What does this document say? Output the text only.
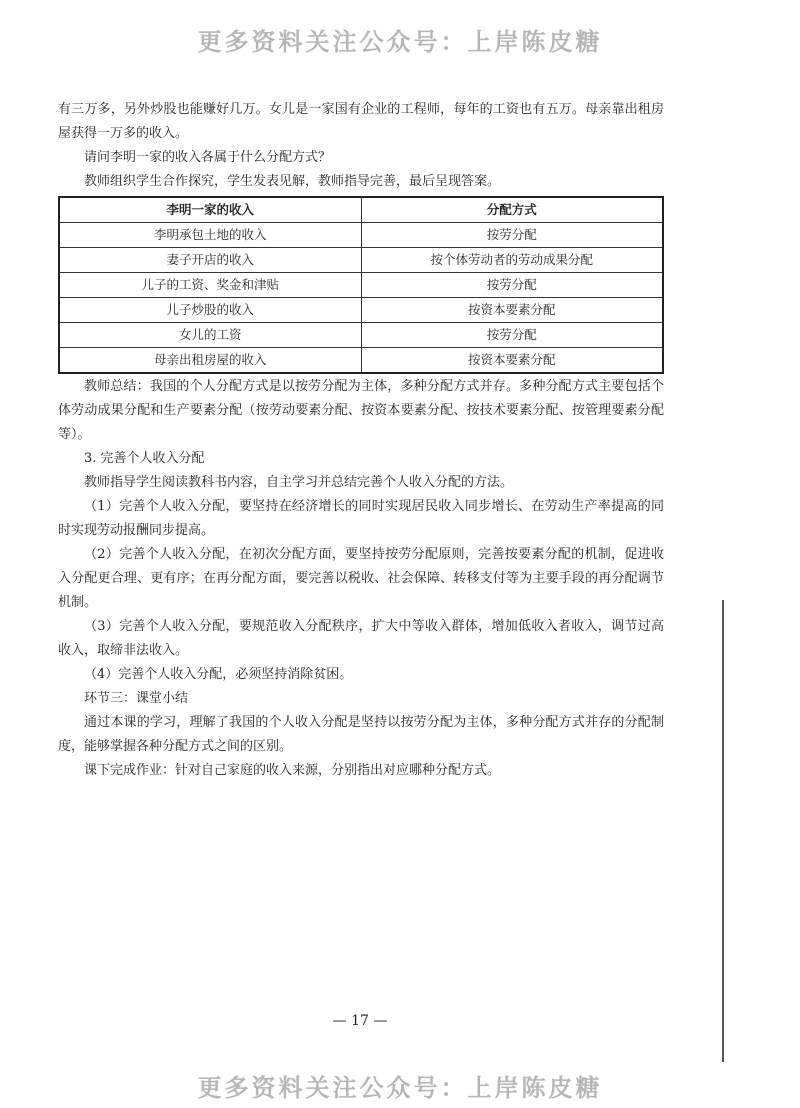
更多资料关注公众号：上岸陈皮糖

有三万多，另外炒股也能赚好几万。女儿是一家国有企业的工程师，每年的工资也有五万。母亲靠出租房屋获得一万多的收入。

请问李明一家的收入各属于什么分配方式？

教师组织学生合作探究，学生发表见解，教师指导完善，最后呈现答案。

李明一家的收入	分配方式
李明承包土地的收入	按劳分配
妻子开店的收入	按个体劳动者的劳动成果分配
儿子的工资、奖金和津贴	按劳分配
儿子炒股的收入	按资本要素分配
女儿的工资	按劳分配
母亲出租房屋的收入	按资本要素分配

教师总结：我国的个人分配方式是以按劳分配为主体，多种分配方式并存。多种分配方式主要包括个体劳动成果分配和生产要素分配（按劳动要素分配、按资本要素分配、按技术要素分配、按管理要素分配等）。

3. 完善个人收入分配

教师指导学生阅读教科书内容，自主学习并总结完善个人收入分配的方法。

（1）完善个人收入分配，要坚持在经济增长的同时实现居民收入同步增长、在劳动生产率提高的同时实现劳动报酬同步提高。

（2）完善个人收入分配，在初次分配方面，要坚持按劳分配原则，完善按要素分配的机制，促进收入分配更合理、更有序；在再分配方面，要完善以税收、社会保障、转移支付等为主要手段的再分配调节机制。

（3）完善个人收入分配，要规范收入分配秩序，扩大中等收入群体，增加低收入者收入，调节过高收入，取缔非法收入。

（4）完善个人收入分配，必须坚持消除贫困。

环节三：课堂小结

通过本课的学习，理解了我国的个人收入分配是坚持以按劳分配为主体，多种分配方式并存的分配制度，能够掌握各种分配方式之间的区别。

课下完成作业：针对自己家庭的收入来源，分别指出对应哪种分配方式。

— 17 —
更多资料关注公众号：上岸陈皮糖
